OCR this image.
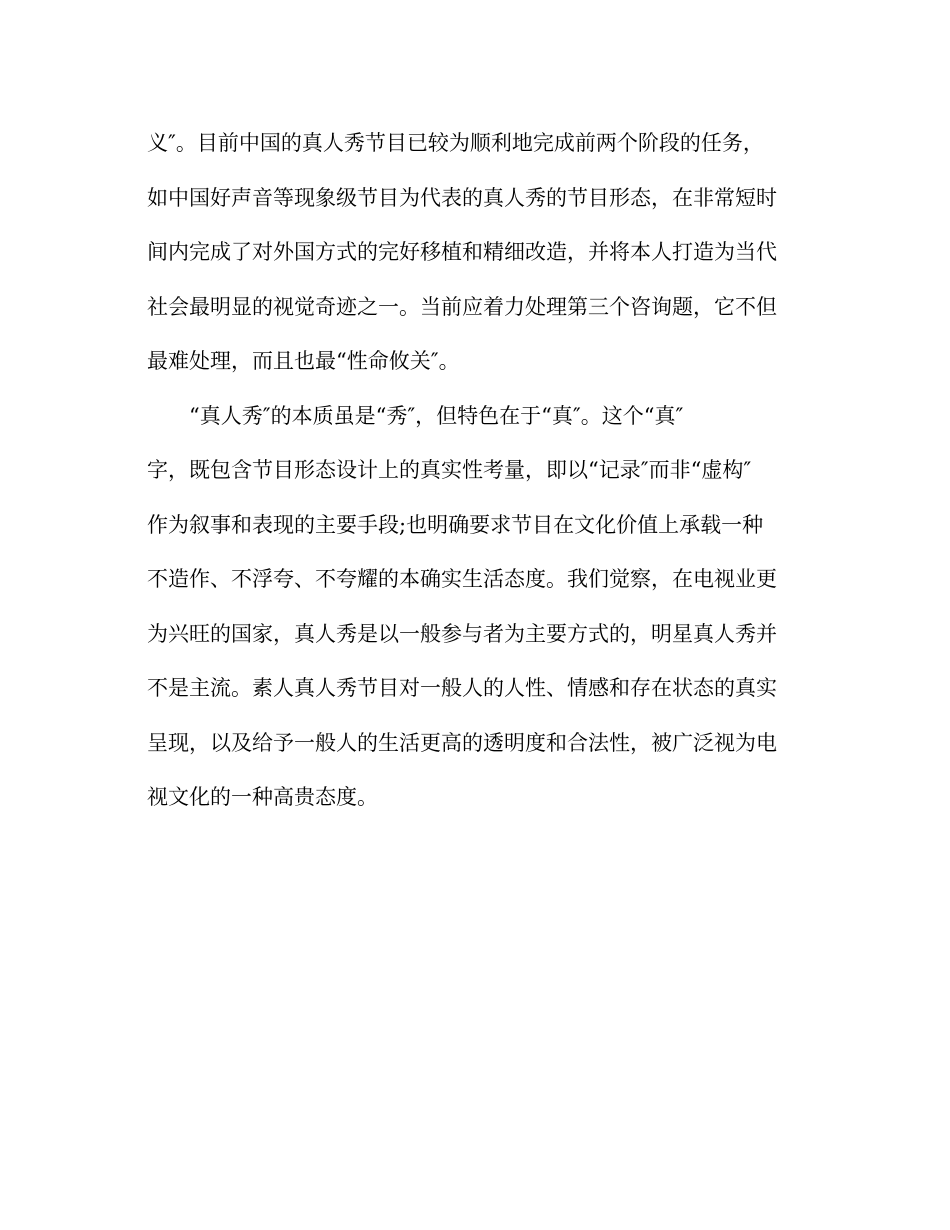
义″。目前中国的真人秀节目已较为顺利地完成前两个阶段的任务，
如中国好声音等现象级节目为代表的真人秀的节目形态，在非常短时
间内完成了对外国方式的完好移植和精细改造，并将本人打造为当代
社会最明显的视觉奇迹之一。当前应着力处理第三个咨询题，它不但
最难处理，而且也最“性命攸关″。
“真人秀″的本质虽是“秀″，但特色在于“真″。这个“真″
字，既包含节目形态设计上的真实性考量，即以“记录″而非“虚构″
作为叙事和表现的主要手段;也明确要求节目在文化价值上承载一种
不造作、不浮夸、不夸耀的本确实生活态度。我们觉察，在电视业更
为兴旺的国家，真人秀是以一般参与者为主要方式的，明星真人秀并
不是主流。素人真人秀节目对一般人的人性、情感和存在状态的真实
呈现，以及给予一般人的生活更高的透明度和合法性，被广泛视为电
视文化的一种高贵态度。
